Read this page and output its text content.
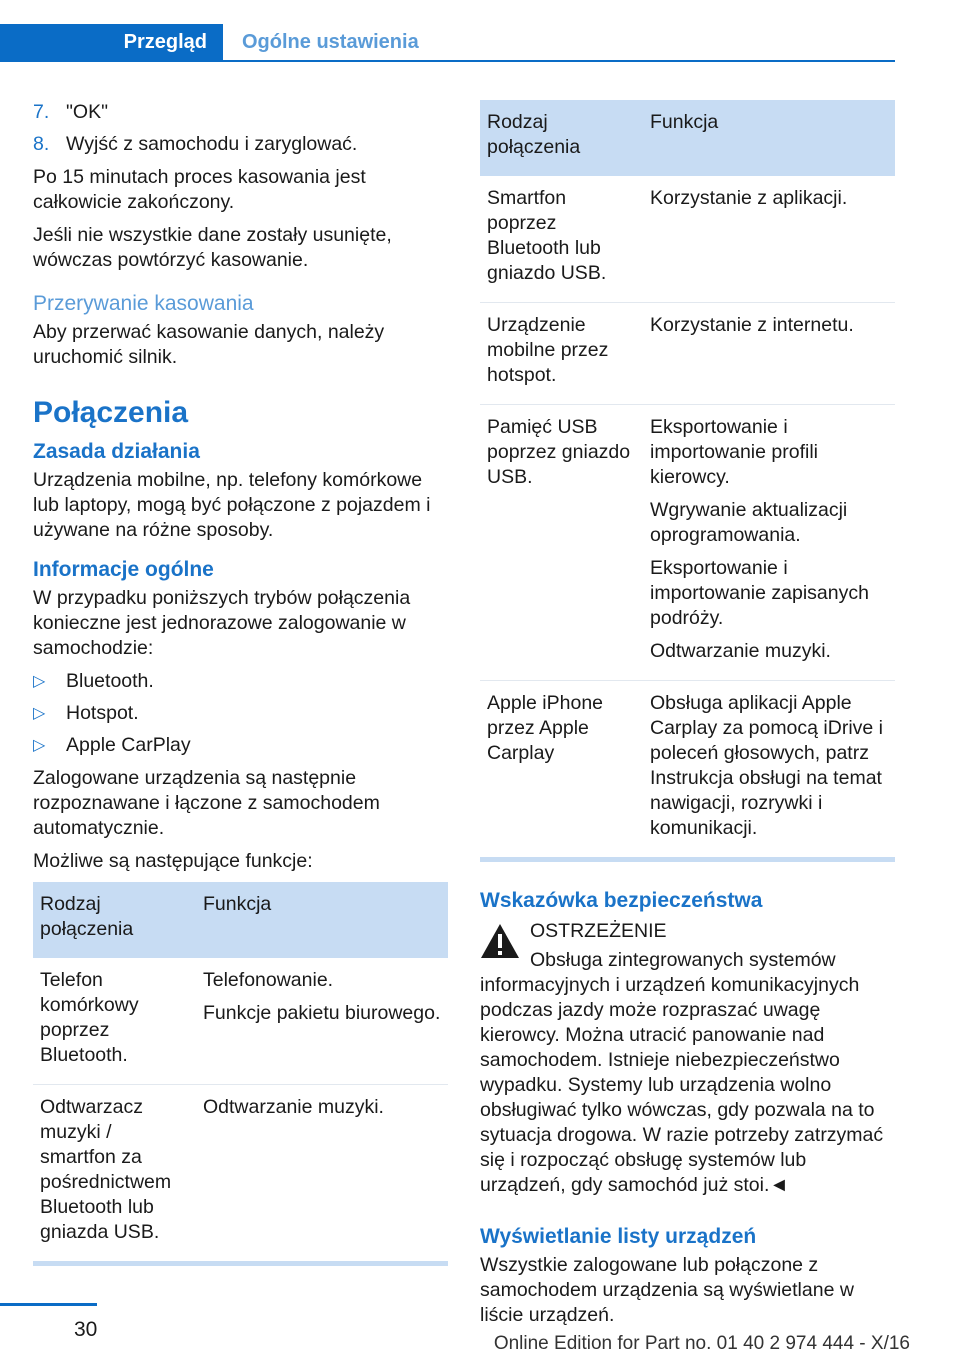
Przegląd	Ogólne ustawienia
7. "OK"
8. Wyjść z samochodu i zaryglować.

Po 15 minutach proces kasowania jest całkowicie zakończony.

Jeśli nie wszystkie dane zostały usunięte, wówczas powtórzyć kasowanie.

Przerywanie kasowania

Aby przerwać kasowanie danych, należy uruchomić silnik.

Połączenia
Zasada działania

Urządzenia mobilne, np. telefony komórkowe lub laptopy, mogą być połączone z pojazdem i używane na różne sposoby.

Informacje ogólne

W przypadku poniższych trybów połączenia konieczne jest jednorazowe zalogowanie w samochodzie:

▷	Bluetooth.
▷	Hotspot.
▷	Apple CarPlay

Zalogowane urządzenia są następnie rozpoznawane i łączone z samochodem automatycznie.

Możliwe są następujące funkcje:

Rodzaj połączenia	Funkcja
Telefon komórkowy poprzez Bluetooth.	Telefonowanie.

Funkcje pakietu biurowego.

Odtwarzacz muzyki / smartfon za pośrednictwem Bluetooth lub gniazda USB.	Odtwarzanie muzyki.

Rodzaj połączenia	Funkcja
Smartfon poprzez Bluetooth lub gniazdo USB.	Korzystanie z aplikacji.

Urządzenie mobilne przez hotspot.	Korzystanie z internetu.

Pamięć USB poprzez gniazdo USB.	Eksportowanie i importowanie profili kierowcy.

Wgrywanie aktualizacji oprogramowania.

Eksportowanie i importowanie zapisanych podróży.

Odtwarzanie muzyki.

Apple iPhone przez Apple Carplay	Obsługa aplikacji Apple Carplay za pomocą iDrive i poleceń głosowych, patrz Instrukcja obsługi na temat nawigacji, rozrywki i komunikacji.

Wskazówka bezpieczeństwa

OSTRZEŻENIE

Obsługa zintegrowanych systemów informacyjnych i urządzeń komunikacyjnych podczas jazdy może rozpraszać uwagę kierowcy. Można utracić panowanie nad samochodem. Istnieje niebezpieczeństwo wypadku. Systemy lub urządzenia wolno obsługiwać tylko wówczas, gdy pozwala na to sytuacja drogowa. W razie potrzeby zatrzymać się i rozpocząć obsługę systemów lub urządzeń, gdy samochód już stoi.◄

Wyświetlanie listy urządzeń

Wszystkie zalogowane lub połączone z samochodem urządzenia są wyświetlane w liście urządzeń.

30
Online Edition for Part no. 01 40 2 974 444 - X/16
